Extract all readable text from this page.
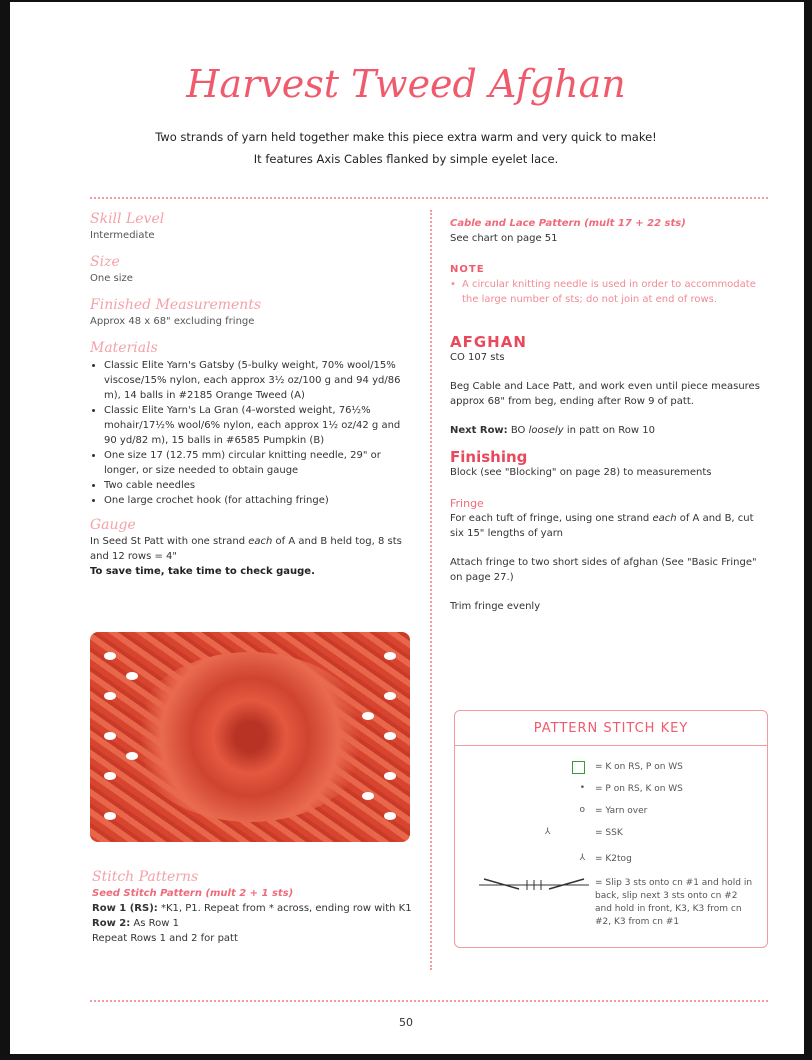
Harvest Tweed Afghan
Two strands of yarn held together make this piece extra warm and very quick to make!
It features Axis Cables flanked by simple eyelet lace.
Skill Level
Intermediate
Size
One size
Finished Measurements
Approx 48 x 68" excluding fringe
Materials
• Classic Elite Yarn's Gatsby (5-bulky weight, 70% wool/15% viscose/15% nylon, each approx 3½ oz/100 g and 94 yd/86 m), 14 balls in #2185 Orange Tweed (A)
• Classic Elite Yarn's La Gran (4-worsted weight, 76½% mohair/17½% wool/6% nylon, each approx 1½ oz/42 g and 90 yd/82 m), 15 balls in #6585 Pumpkin (B)
• One size 17 (12.75 mm) circular knitting needle, 29" or longer, or size needed to obtain gauge
• Two cable needles
• One large crochet hook (for attaching fringe)
Gauge
In Seed St Patt with one strand each of A and B held tog, 8 sts and 12 rows = 4"
To save time, take time to check gauge.
Stitch Patterns
Seed Stitch Pattern (mult 2 + 1 sts)
Row 1 (RS): *K1, P1. Repeat from * across, ending row with K1
Row 2: As Row 1
Repeat Rows 1 and 2 for patt
Cable and Lace Pattern (mult 17 + 22 sts)
See chart on page 51
NOTE
• A circular knitting needle is used in order to accommodate the large number of sts; do not join at end of rows.
AFGHAN
CO 107 sts
Beg Cable and Lace Patt, and work even until piece measures approx 68" from beg, ending after Row 9 of patt.
Next Row: BO loosely in patt on Row 10
Finishing
Block (see "Blocking" on page 28) to measurements
Fringe
For each tuft of fringe, using one strand each of A and B, cut six 15" lengths of yarn
Attach fringe to two short sides of afghan (See "Basic Fringe" on page 27.)
Trim fringe evenly
PATTERN STITCH KEY
= K on RS, P on WS
• = P on RS, K on WS
o = Yarn over
⅄	= SSK
⅄ = K2tog
= Slip 3 sts onto cn #1 and hold in back, slip next 3 sts onto cn #2 and hold in front, K3, K3 from cn #2, K3 from cn #1
50
